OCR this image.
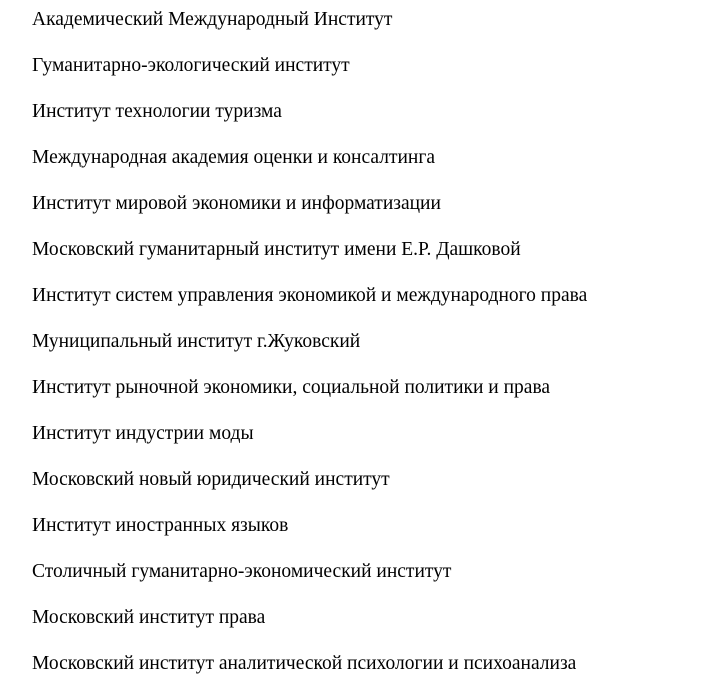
Академический Международный Институт
Гуманитарно-экологический институт
Институт технологии туризма
Международная академия оценки и консалтинга
Институт мировой экономики и информатизации
Московский гуманитарный институт имени Е.Р. Дашковой
Институт систем управления экономикой и международного права
Муниципальный институт г.Жуковский
Институт рыночной экономики, социальной политики и права
Институт индустрии моды
Московский новый юридический институт
Институт иностранных языков
Столичный гуманитарно-экономический институт
Московский институт права
Московский институт аналитической психологии и психоанализа
